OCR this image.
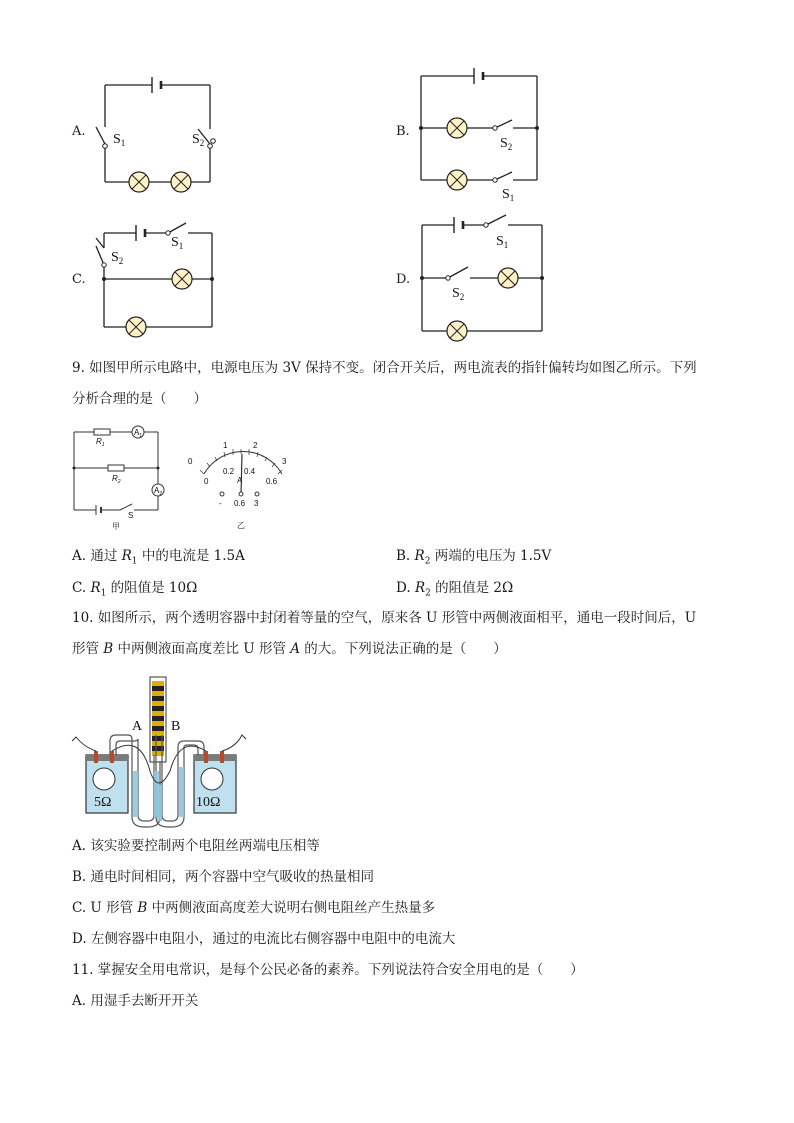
A.
$S_1$	$S_2$
B.
$S_2$
$S_1$
C.
$S_2$
$S_1$
D.
$S_1$
$S_2$
9. 如图甲所示电路中，电源电压为 3V 保持不变。闭合开关后，两电流表的指针偏转均如图乙所示。下列
分析合理的是（　　）
$A_1$
$A_2$
$R_1$
$R_2$
S
甲
0
1	2
3
0
0.2 0.4
0.6
A
- 0.6 3
乙
A. 通过 $R_1$ 中的电流是 1.5A	B. $R_2$ 两端的电压为 1.5V
C. $R_1$ 的阻值是 10Ω	D. $R_2$ 的阻值是 2Ω
10. 如图所示，两个透明容器中封闭着等量的空气，原来各 U 形管中两侧液面相平，通电一段时间后，U
形管 B 中两侧液面高度差比 U 形管 A 的大。下列说法正确的是（　　）
A B
5Ω	10Ω
A. 该实验要控制两个电阻丝两端电压相等
B. 通电时间相同，两个容器中空气吸收的热量相同
C. U 形管 B 中两侧液面高度差大说明右侧电阻丝产生热量多
D. 左侧容器中电阻小，通过的电流比右侧容器中电阻中的电流大
11. 掌握安全用电常识，是每个公民必备的素养。下列说法符合安全用电的是（　　）
A. 用湿手去断开开关
